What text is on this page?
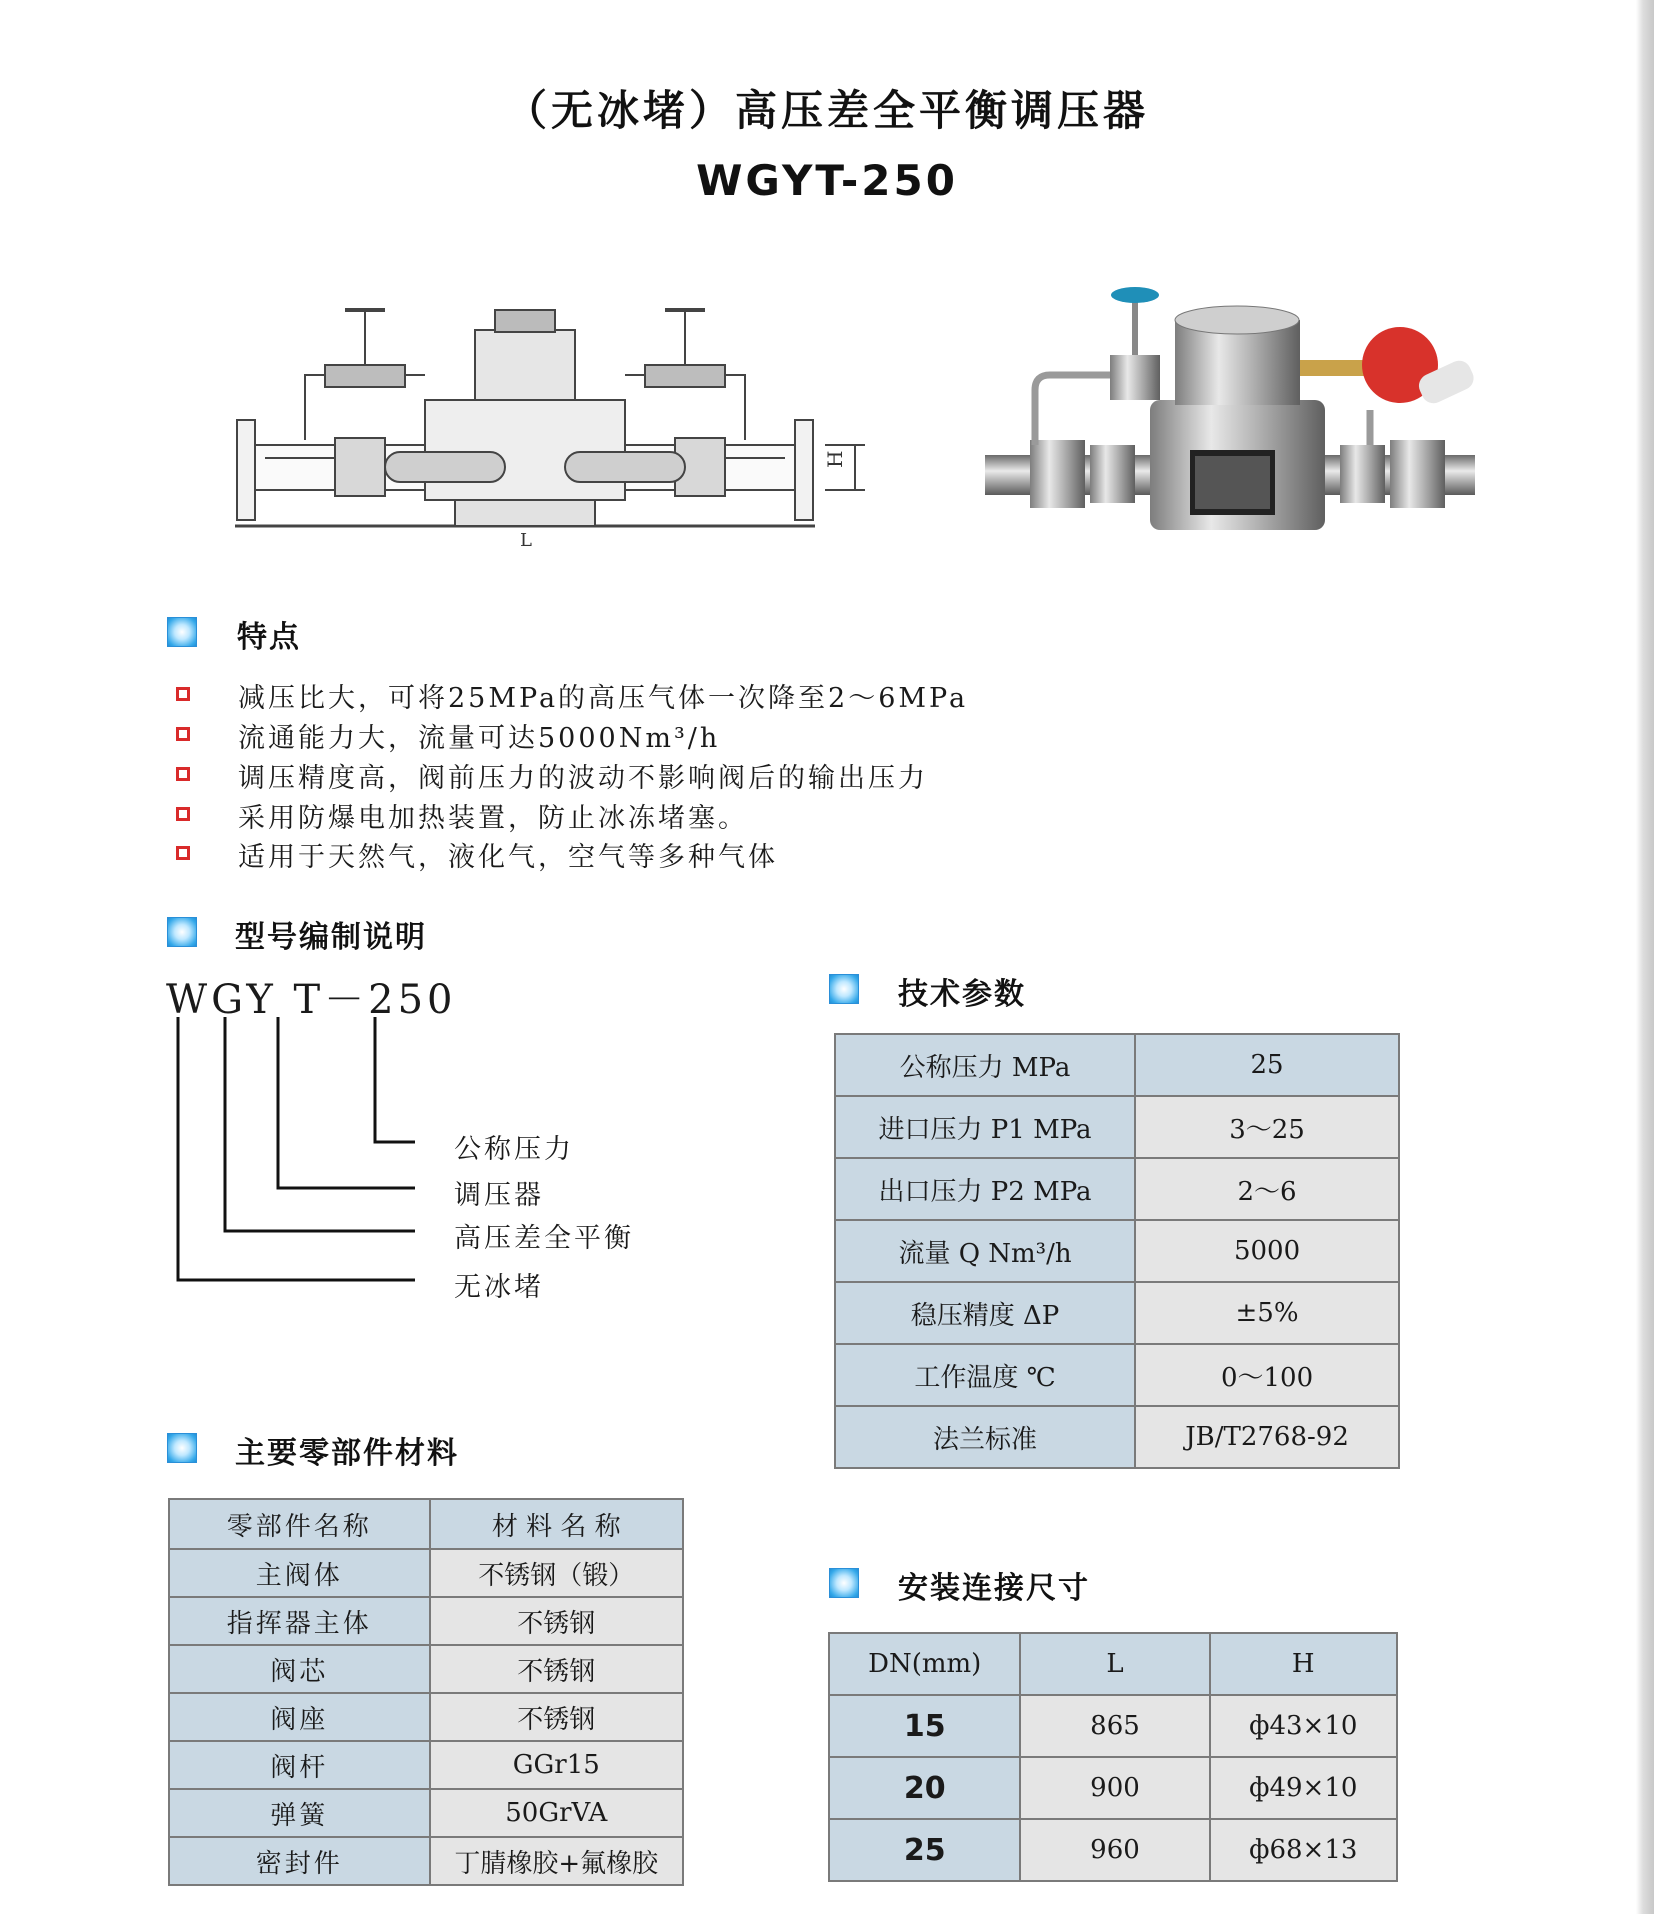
（无冰堵）高压差全平衡调压器
WGYT-250
H
L
特点
减压比大，可将25MPa的高压气体一次降至2～6MPa
流通能力大，流量可达5000Nm³/h
调压精度高，阀前压力的波动不影响阀后的输出压力
采用防爆电加热装置，防止冰冻堵塞。
适用于天然气，液化气，空气等多种气体
型号编制说明
WGY T－250
公称压力
调压器
高压差全平衡
无冰堵
技术参数
公称压力 MPa	25
进口压力 P1 MPa	3～25
出口压力 P2 MPa	2～6
流量 Q Nm³/h	5000
稳压精度 ΔP	±5%
工作温度 ℃	0～100
法兰标准	JB/T2768-92
主要零部件材料
零部件名称	材 料 名 称
主阀体	不锈钢（锻）
指挥器主体	不锈钢
阀芯	不锈钢
阀座	不锈钢
阀杆	GGr15
弹簧	50GrVA
密封件	丁腈橡胶+氟橡胶
安装连接尺寸
DN(mm)	L	H
15	865	ф43×10
20	900	ф49×10
25	960	ф68×13
